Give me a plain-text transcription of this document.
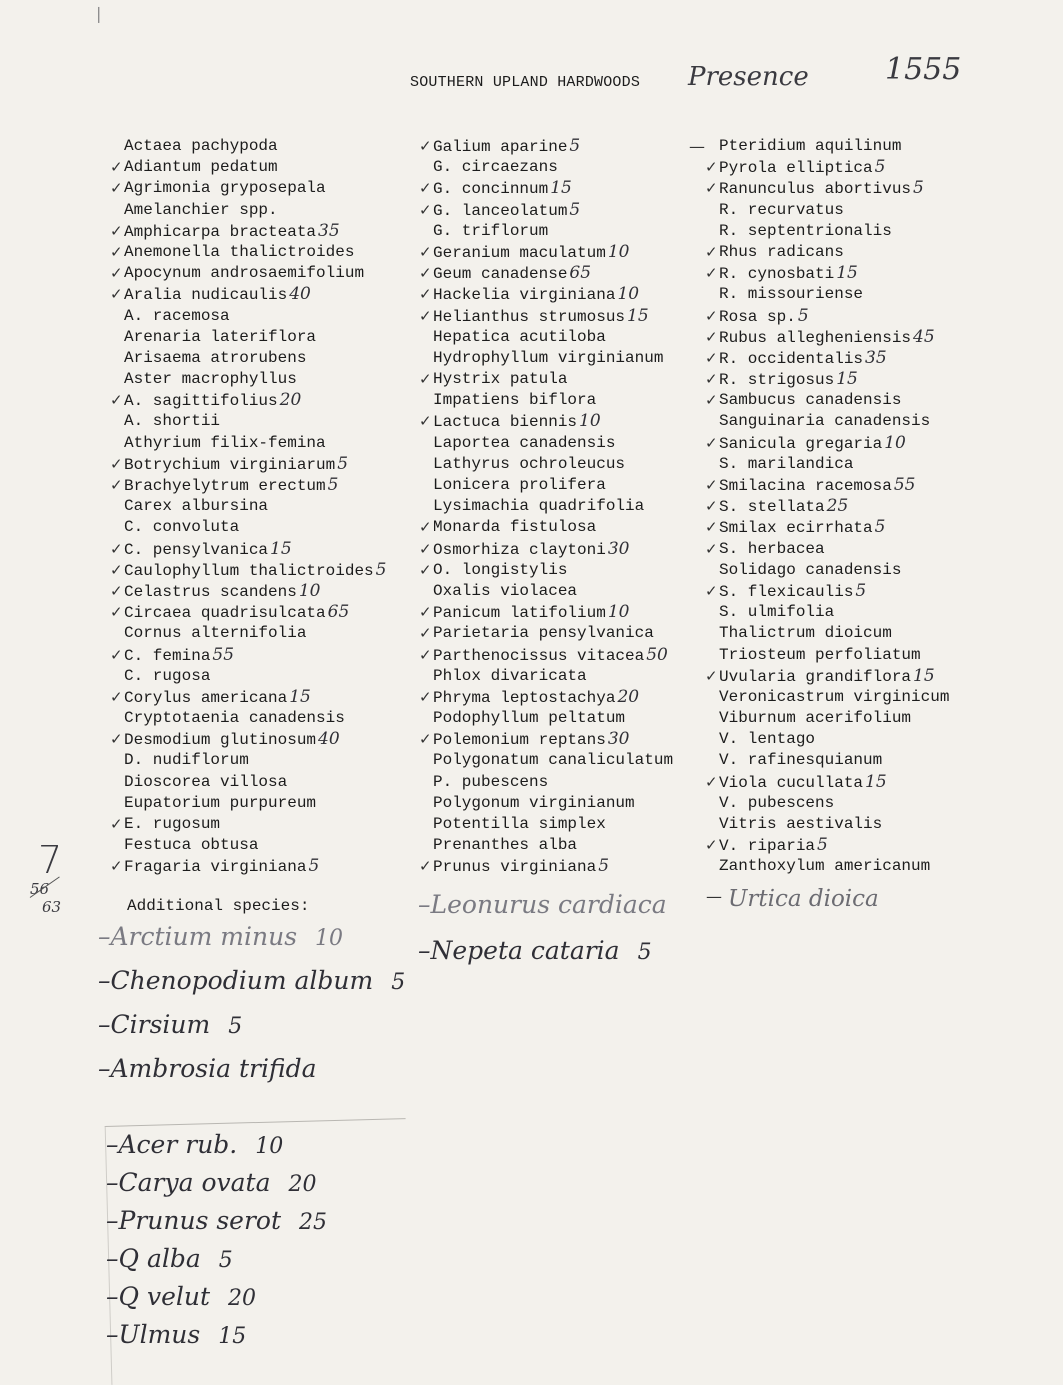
❘
SOUTHERN UPLAND HARDWOODS Presence	1555
Actaea pachypoda
✓ Adiantum pedatum
✓ Agrimonia gryposepala
Amelanchier spp.
✓ Amphicarpa bracteata 35
✓ Anemonella thalictroides
✓ Apocynum androsaemifolium
✓ Aralia nudicaulis 40
A. racemosa
Arenaria lateriflora
Arisaema atrorubens
Aster macrophyllus
✓ A. sagittifolius 20
A. shortii
Athyrium filix-femina
✓ Botrychium virginiarum 5
✓ Brachyelytrum erectum 5
Carex albursina
C. convoluta
✓ C. pensylvanica 15
✓ Caulophyllum thalictroides 5
✓ Celastrus scandens 10
✓ Circaea quadrisulcata 65
Cornus alternifolia
✓ C. femina 55
C. rugosa
✓ Corylus americana 15
Cryptotaenia canadensis
✓ Desmodium glutinosum 40
D. nudiflorum
Dioscorea villosa
Eupatorium purpureum
✓ E. rugosum
Festuca obtusa
✓ Fragaria virginiana 5
✓ Galium aparine 5
G. circaezans
✓ G. concinnum 15
✓ G. lanceolatum 5
G. triflorum
✓ Geranium maculatum 10
✓ Geum canadense 65
✓ Hackelia virginiana 10
✓ Helianthus strumosus 15
Hepatica acutiloba
Hydrophyllum virginianum
✓ Hystrix patula
Impatiens biflora
✓ Lactuca biennis 10
Laportea canadensis
Lathyrus ochroleucus
Lonicera prolifera
Lysimachia quadrifolia
✓ Monarda fistulosa
✓ Osmorhiza claytoni 30
✓ O. longistylis
Oxalis violacea
✓ Panicum latifolium 10
✓ Parietaria pensylvanica
✓ Parthenocissus vitacea 50
Phlox divaricata
✓ Phryma leptostachya 20
Podophyllum peltatum
✓ Polemonium reptans 30
Polygonatum canaliculatum
P. pubescens
Polygonum virginianum
Potentilla simplex
Prenanthes alba
✓ Prunus virginiana 5
— Pteridium aquilinum
✓ Pyrola elliptica 5
✓ Ranunculus abortivus 5
R. recurvatus
R. septentrionalis
✓ Rhus radicans
✓ R. cynosbati 15
R. missouriense
✓ Rosa sp. 5
✓ Rubus allegheniensis 45
✓ R. occidentalis 35
✓ R. strigosus 15
✓ Sambucus canadensis
Sanguinaria canadensis
✓ Sanicula gregaria 10
S. marilandica
✓ Smilacina racemosa 55
✓ S. stellata 25
✓ Smilax ecirrhata 5
✓ S. herbacea
Solidago canadensis
✓ S. flexicaulis 5
S. ulmifolia
Thalictrum dioicum
Triosteum perfoliatum
✓ Uvularia grandiflora 15
Veronicastrum virginicum
Viburnum acerifolium
V. lentago
V. rafinesquianum
✓ Viola cucullata 15
V. pubescens
Vitris aestivalis
✓ V. riparia 5
Zanthoxylum americanum
Urtica dioica
—
7
56
63	Additional species:
–Arctium minus 10
–Chenopodium album 5
–Cirsium 5
–Ambrosia trifida
–Leonurus cardiaca
–Nepeta cataria 5
–Acer rub. 10
–Carya ovata 20
–Prunus serot 25
–Q alba 5
–Q velut 20
–Ulmus 15
